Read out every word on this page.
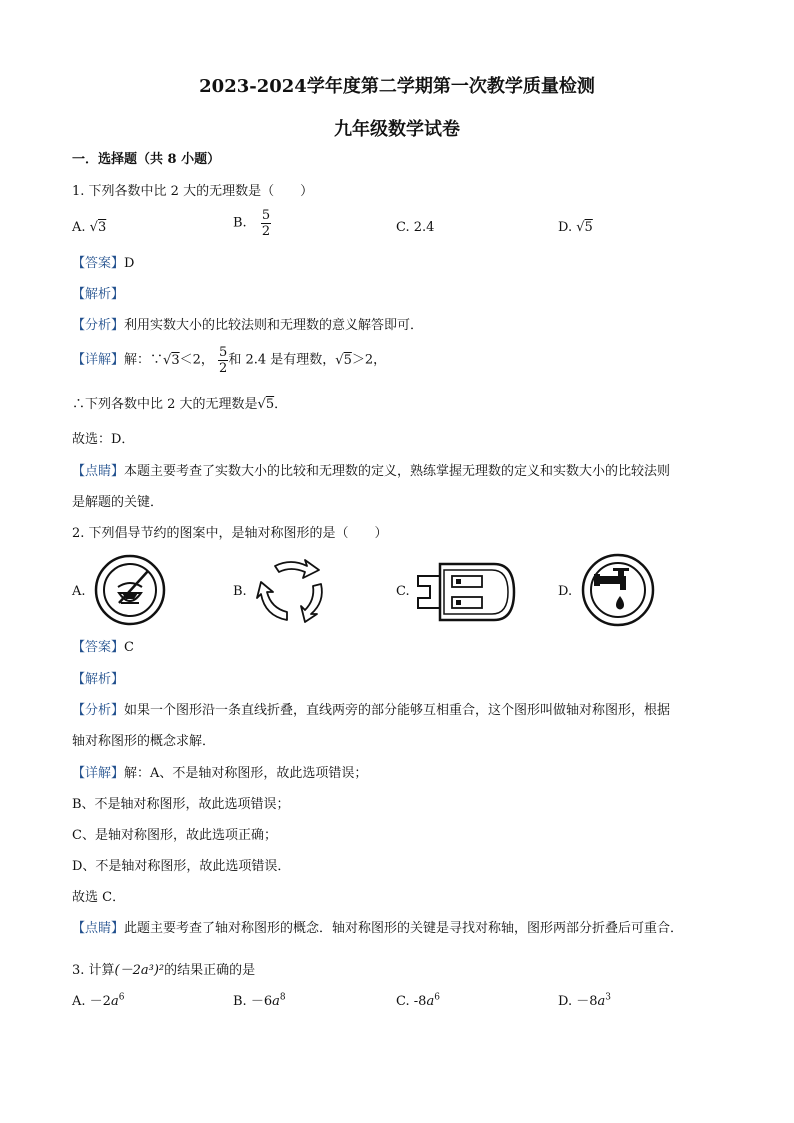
2023-2024学年度第二学期第一次教学质量检测
九年级数学试卷
一．选择题（共 8 小题）
1. 下列各数中比 2 大的无理数是（　　）
A. √3	B. $\frac{5}{2}$	C. 2.4	D. √5
【答案】D
【解析】
【分析】利用实数大小的比较法则和无理数的意义解答即可．
【详解】解：∵√3＜2， $\frac{5}{2}$ 和 2.4 是有理数，√5＞2，
∴下列各数中比 2 大的无理数是√5．
故选：D．
【点睛】本题主要考查了实数大小的比较和无理数的定义，熟练掌握无理数的定义和实数大小的比较法则
是解题的关键．
2. 下列倡导节约的图案中，是轴对称图形的是（　　）
A.	B.	C.	D.
【答案】C
【解析】
【分析】如果一个图形沿一条直线折叠，直线两旁的部分能够互相重合，这个图形叫做轴对称图形，根据
轴对称图形的概念求解．
【详解】解：A、不是轴对称图形，故此选项错误；
B、不是轴对称图形，故此选项错误；
C、是轴对称图形，故此选项正确；
D、不是轴对称图形，故此选项错误．
故选 C．
【点睛】此题主要考查了轴对称图形的概念．轴对称图形的关键是寻找对称轴，图形两部分折叠后可重合．
3. 计算(－2a³)²的结果正确的是
A. $-2a^6$	B. $-6a^8$	C. $-8a^6$	D. $-8a^3$
